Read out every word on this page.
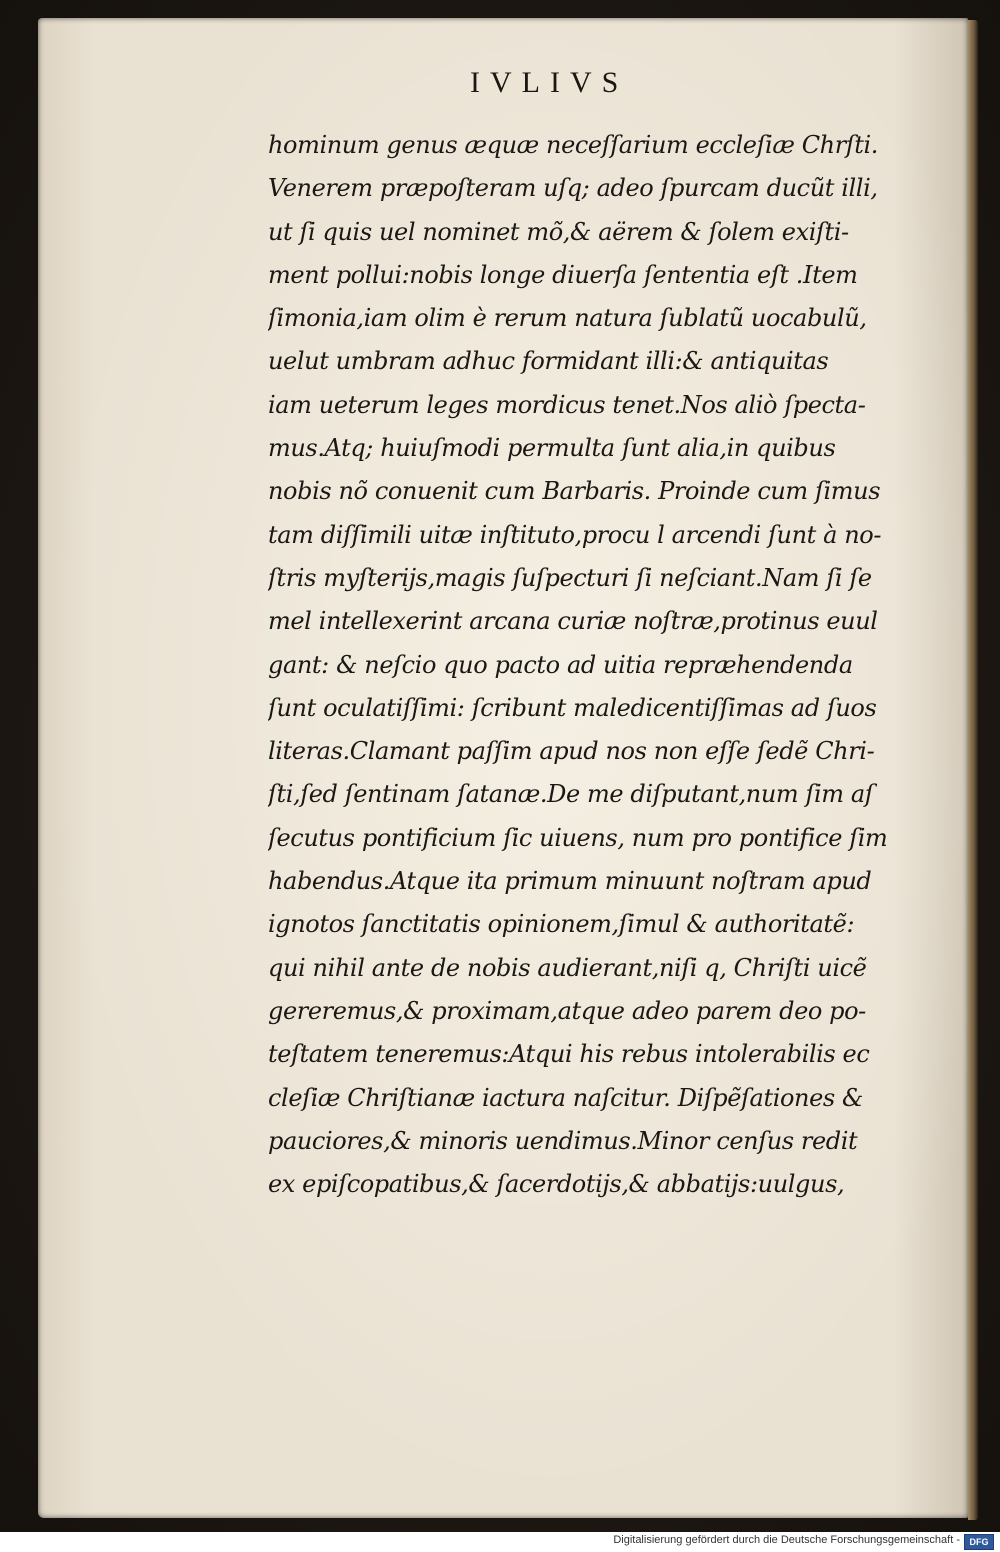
IVLIVS
hominum genus æquæ neceſſarium eccleſiæ Chrſti.
Venerem præpoſteram uſq; adeo ſpurcam ducũt illi,
ut ſi quis uel nominet mõ,& aërem & ſolem exiſti-
ment pollui:nobis longe diuerſa ſententia eſt .Item
ſimonia,iam olim è rerum natura ſublatũ uocabulũ,
uelut umbram adhuc formidant illi:& antiquitas
iam ueterum leges mordicus tenet.Nos aliò ſpecta-
mus.Atq; huiuſmodi permulta ſunt alia,in quibus
nobis nõ conuenit cum Barbaris. Proinde cum ſimus
tam diſſimili uitæ inſtituto,procu l arcendi ſunt à no-
ſtris myſterijs,magis ſuſpecturi ſi neſciant.Nam ſi ſe
mel intellexerint arcana curiæ noſtræ,protinus euul
gant: & neſcio quo pacto ad uitia repræhendenda
ſunt oculatiſſimi: ſcribunt maledicentiſſimas ad ſuos
literas.Clamant paſſim apud nos non eſſe ſedẽ Chri-
ſti,ſed ſentinam ſatanæ.De me diſputant,num ſim aſ
ſecutus pontificium ſic uiuens, num pro pontifice ſim
habendus.Atque ita primum minuunt noſtram apud
ignotos ſanctitatis opinionem,ſimul & authoritatẽ:
qui nihil ante de nobis audierant,niſi q, Chriſti uicẽ
gereremus,& proximam,atque adeo parem deo po-
teſtatem teneremus:Atqui his rebus intolerabilis ec
cleſiæ Chriſtianæ iactura naſcitur. Diſpẽſationes &
pauciores,& minoris uendimus.Minor cenſus redit
ex epiſcopatibus,& ſacerdotijs,& abbatijs:uulgus,
Digitalisierung gefördert durch die Deutsche Forschungsgemeinschaft -	DFG
